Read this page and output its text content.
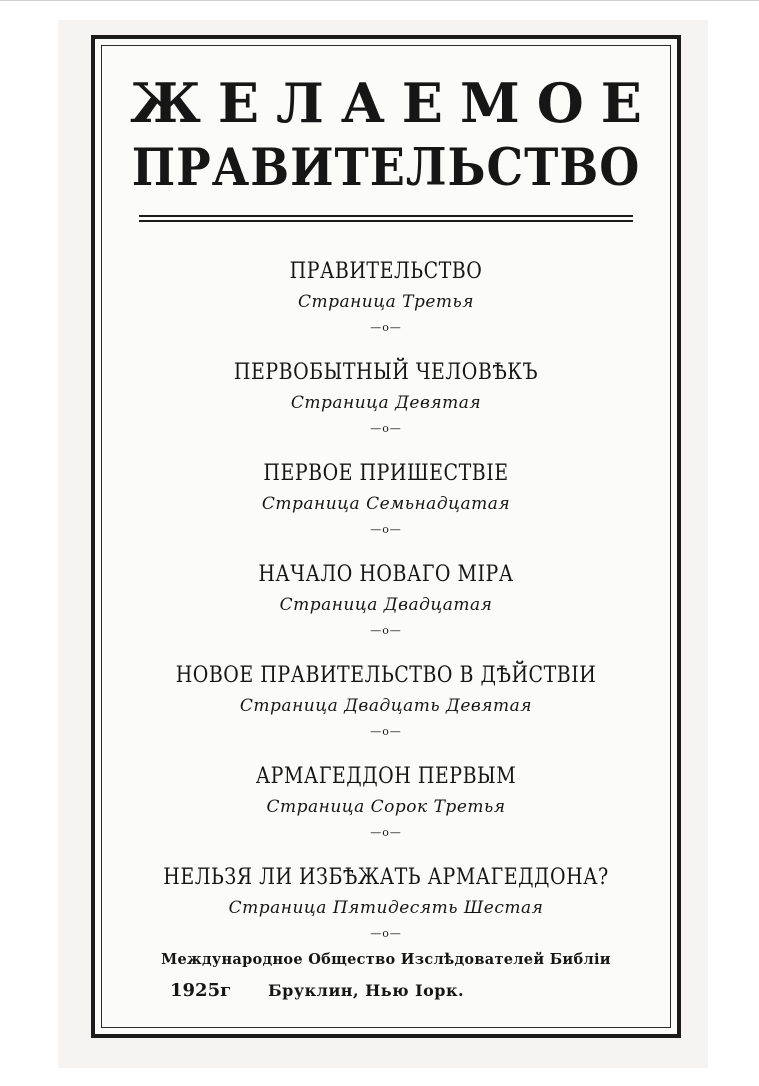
ЖЕЛАЕМОЕ
ПРАВИТЕЛЬСТВО
ПРАВИТЕЛЬСТВО
Страница Третья
—о—
ПЕРВОБЫТНЫЙ ЧЕЛОВѢКЪ
Страница Девятая
—о—
ПЕРВОЕ ПРИШЕСТВІЕ
Страница Семьнадцатая
—о—
НАЧАЛО НОВАГО МІРА
Страница Двадцатая
—о—
НОВОЕ ПРАВИТЕЛЬСТВО В ДѢЙСТВІИ
Страница Двадцать Девятая
—о—
АРМАГЕДДОН ПЕРВЫМ
Страница Сорок Третья
—о—
НЕЛЬЗЯ ЛИ ИЗБѢЖАТЬ АРМАГЕДДОНА?
Страница Пятидесять Шестая
—о—
Международное Общество Изслѣдователей Библіи
1925г Бруклин, Нью Іорк.
